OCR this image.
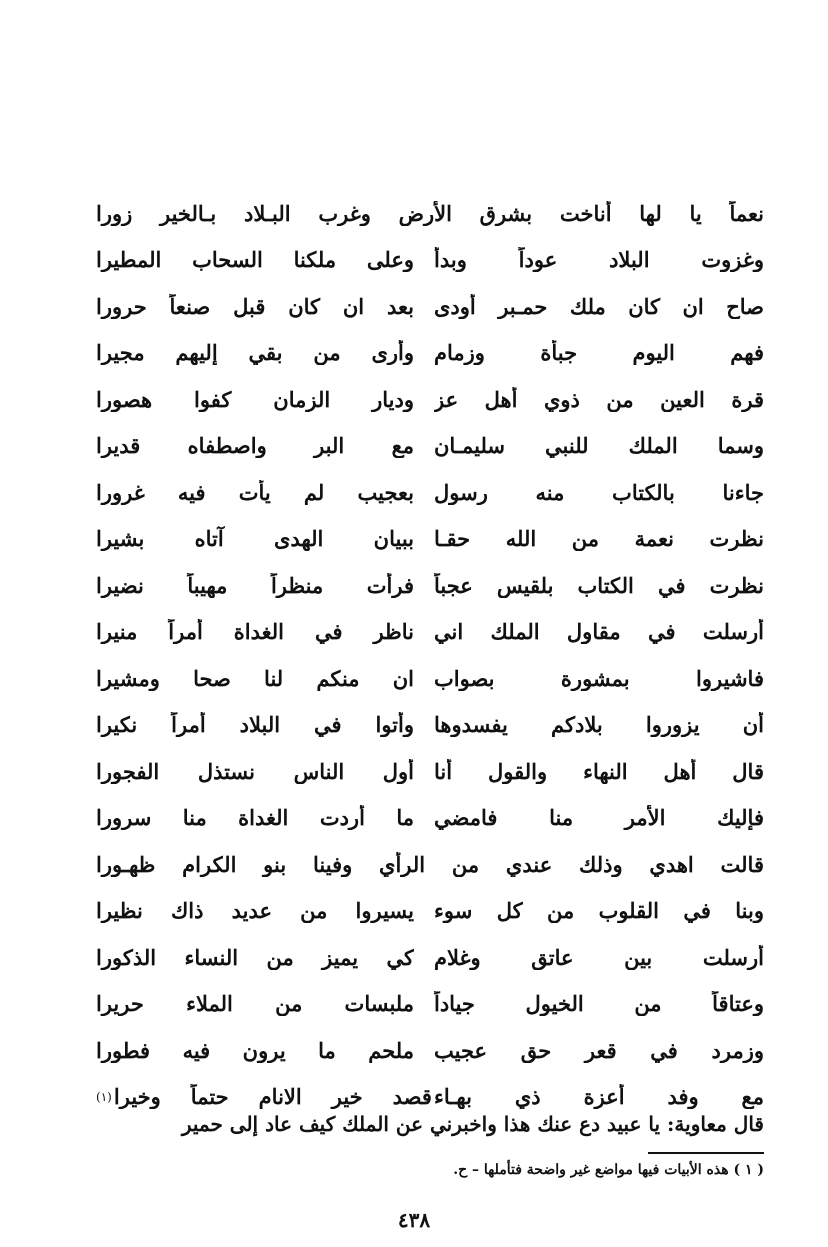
نعماً يا لها أناخت بشرق الأرض وغرب البـلاد بـالخير زورا
وغزوت البلاد عوداً وبدأً
وعلى ملكنا السحاب المطيرا
صاح ان كان ملك حمـبر أودى
بعد ان كان قبل صنعاً حرورا
فهم اليوم جبأة وزمام
وأرى من بقي إليهم مجيرا
قرة العين من ذوي أهل عز
وديار الزمان كفوا هصورا
وسما الملك للنبي سليمـان
مع البر واصطفاه قديرا
جاءنا بالكتاب منه رسول
بعجيب لم يأت فيه غرورا
نظرت نعمة من الله حقـا
ببيان الهدى آتاه بشيرا
نظرت في الكتاب بلقيس عجباً
فرأت منظراً مهيباً نضيرا
أرسلت في مقاول الملك اني
ناظر في الغداة أمراً منيرا
فاشيروا بمشورة بصواب
ان منكم لنا صحا ومشيرا
أن يزوروا بلادكم يفسدوها
وأتوا في البلاد أمراً نكيرا
قال أهل النهاء والقول أنا
أول الناس نستذل الفجورا
فإليك الأمر منا فامضي
ما أردت الغداة منا سرورا
قالت اهدي وذلك عندي من الرأي وفينا بنو الكرام ظهـورا
وبنا في القلوب من كل سوء
يسيروا من عديد ذاك نظيرا
أرسلت بين عاتق وغلام
كي يميز من النساء الذكورا
وعتاقاً من الخيول جياداً
ملبسات من الملاء حريرا
وزمرد في قعر حق عجيب
ملحم ما يرون فيه فطورا
مع وفد أعزة ذي بهـاء
قصد خير الانام حتماً وخيرا
(١)
قال معاوية: يا عبيد دع عنك هذا واخبرني عن الملك كيف عاد إلى حمير
( ١ ) هذه الأبيات فيها مواضع غير واضحة فتأملها – ح.
٤٣٨
